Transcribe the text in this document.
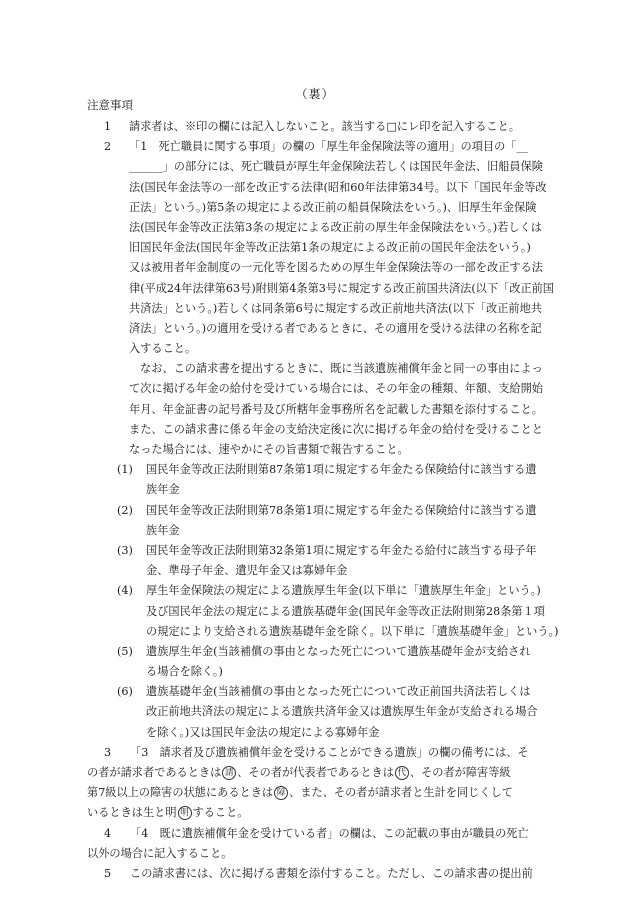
（裏）
注意事項
1 請求者は、※印の欄には記入しないこと。該当する□にレ印を記入すること。
2 「1　死亡職員に関する事項」の欄の「厚生年金保険法等の適用」の項目の「__
______」の部分には、死亡職員が厚生年金保険法若しくは国民年金法、旧船員保険
法(国民年金法等の一部を改正する法律(昭和60年法律第34号。以下「国民年金等改
正法」という。)第5条の規定による改正前の船員保険法をいう。)、旧厚生年金保険
法(国民年金等改正法第3条の規定による改正前の厚生年金保険法をいう。)若しくは
旧国民年金法(国民年金等改正法第1条の規定による改正前の国民年金法をいう。)
又は被用者年金制度の一元化等を図るための厚生年金保険法等の一部を改正する法
律(平成24年法律第63号)附則第4条第3号に規定する改正前国共済法(以下「改正前国
共済法」という。)若しくは同条第6号に規定する改正前地共済法(以下「改正前地共
済法」という。)の適用を受ける者であるときに、その適用を受ける法律の名称を記
入すること。
なお、この請求書を提出するときに、既に当該遺族補償年金と同一の事由によっ
て次に掲げる年金の給付を受けている場合には、その年金の種類、年額、支給開始
年月、年金証書の記号番号及び所轄年金事務所名を記載した書類を添付すること。
また、この請求書に係る年金の支給決定後に次に掲げる年金の給付を受けることと
なった場合には、速やかにその旨書類で報告すること。
(1) 国民年金等改正法附則第87条第1項に規定する年金たる保険給付に該当する遺
族年金
(2) 国民年金等改正法附則第78条第1項に規定する年金たる保険給付に該当する遺
族年金
(3) 国民年金等改正法附則第32条第1項に規定する年金たる給付に該当する母子年
金、準母子年金、遺児年金又は寡婦年金
(4) 厚生年金保険法の規定による遺族厚生年金(以下単に「遺族厚生年金」という。)
及び国民年金法の規定による遺族基礎年金(国民年金等改正法附則第28条第１項
の規定により支給される遺族基礎年金を除く。以下単に「遺族基礎年金」という。)
(5) 遺族厚生年金(当該補償の事由となった死亡について遺族基礎年金が支給され
る場合を除く。)
(6) 遺族基礎年金(当該補償の事由となった死亡について改正前国共済法若しくは
改正前地共済法の規定による遺族共済年金又は遺族厚生年金が支給される場合
を除く。)又は国民年金法の規定による寡婦年金
3 「3　請求者及び遺族補償年金を受けることができる遺族」の欄の備考には、そ
の者が請求者であるときは 請 、その者が代表者であるときは 代 、その者が障害等級
第7級以上の障害の状態にあるときは 障 、また、その者が請求者と生計を同じくして
いるときは生と明 明 すること。
4 「4　既に遺族補償年金を受けている者」の欄は、この記載の事由が職員の死亡
以外の場合に記入すること。
5 この請求書には、次に掲げる書類を添付すること。ただし、この請求書の提出前
